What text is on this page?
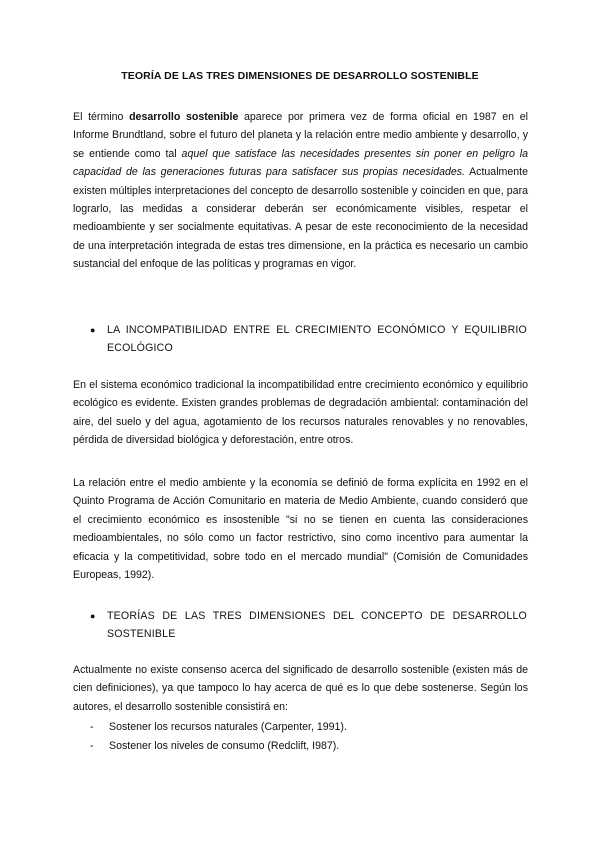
TEORÍA DE LAS TRES DIMENSIONES DE DESARROLLO SOSTENIBLE

El término desarrollo sostenible aparece por primera vez de forma oficial en 1987 en el Informe Brundtland, sobre el futuro del planeta y la relación entre medio ambiente y desarrollo, y se entiende como tal aquel que satisface las necesidades presentes sin poner en peligro la capacidad de las generaciones futuras para satisfacer sus propias necesidades. Actualmente existen múltiples interpretaciones del concepto de desarrollo sostenible y coinciden en que, para lograrlo, las medidas a considerar deberán ser económicamente visibles, respetar el medioambiente y ser socialmente equitativas. A pesar de este reconocimiento de la necesidad de una interpretación integrada de estas tres dimensione, en la práctica es necesario un cambio sustancial del enfoque de las políticas y programas en vigor.

● LA INCOMPATIBILIDAD ENTRE EL CRECIMIENTO ECONÓMICO Y EQUILIBRIO ECOLÓGICO

En el sistema económico tradicional la incompatibilidad entre crecimiento económico y equilibrio ecológico es evidente. Existen grandes problemas de degradación ambiental: contaminación del aire, del suelo y del agua, agotamiento de los recursos naturales renovables y no renovables, pérdida de diversidad biológica y deforestación, entre otros.

La relación entre el medio ambiente y la economía se definió de forma explícita en 1992 en el Quinto Programa de Acción Comunitario en materia de Medio Ambiente, cuando consideró que el crecimiento económico es insostenible "si no se tienen en cuenta las consideraciones medioambientales, no sólo como un factor restrictivo, sino como incentivo para aumentar la eficacia y la competitividad, sobre todo en el mercado mundial" (Comisión de Comunidades Europeas, 1992).

● TEORÍAS DE LAS TRES DIMENSIONES DEL CONCEPTO DE DESARROLLO SOSTENIBLE

Actualmente no existe consenso acerca del significado de desarrollo sostenible (existen más de cien definiciones), ya que tampoco lo hay acerca de qué es lo que debe sostenerse. Según los autores, el desarrollo sostenible consistirá en:

- Sostener los recursos naturales (Carpenter, 1991).
- Sostener los niveles de consumo (Redclift, I987).
